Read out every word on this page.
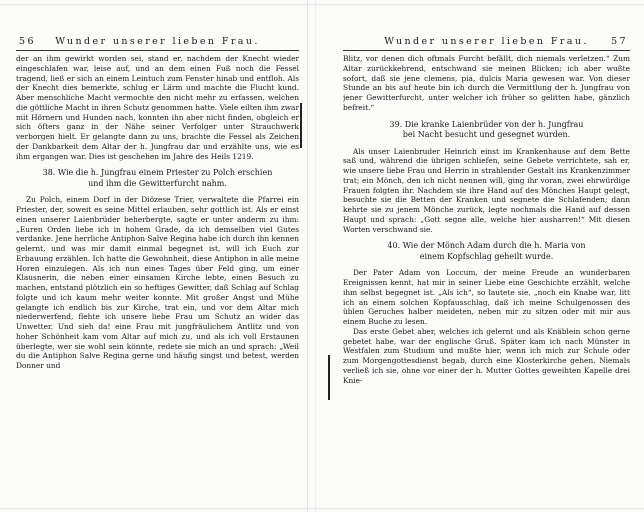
56	Wunder unserer lieben Frau.

der an ihm gewirkt worden sei, stand er, nachdem der Knecht wieder eingeschlafen war, leise auf, und an dem einen Fuß noch die Fessel tragend, ließ er sich an einem Leintuch zum Fenster hinab und entfloh. Als der Knecht dies bemerkte, schlug er Lärm und machte die Flucht kund. Aber menschliche Macht vermochte den nicht mehr zu erfassen, welchen die göttliche Macht in ihren Schutz genommen hatte. Viele eilten ihm zwar mit Hörnern und Hunden nach, konnten ihn aber nicht finden, obgleich er sich öfters ganz in der Nähe seiner Verfolger unter Strauchwerk verborgen hielt. Er gelangte dann zu uns, brachte die Fessel als Zeichen der Dankbarkeit dem Altar der h. Jungfrau dar und erzählte uns, wie es ihm ergangen war. Dies ist geschehen im Jahre des Heils 1219.

38. Wie die h. Jungfrau einem Priester zu Polch erschien
und ihm die Gewitterfurcht nahm.

Zu Polch, einem Dorf in der Diözese Trier, verwaltete die Pfarrei ein Priester, der, soweit es seine Mittel erlauben, sehr gottlich ist. Als er einst einen unserer Laienbrüder beherbergte, sagte er unter anderm zu ihm: „Euren Orden liebe ich in hohem Grade, da ich demselben viel Gutes verdanke. Jene herrliche Antiphon Salve Regina habe ich durch ihn kennen gelernt, und was mir damit einmal begegnet ist, will ich Euch zur Erbauung erzählen. Ich hatte die Gewohnheit, diese Antiphon in alle meine Horen einzulegen. Als ich nun eines Tages über Feld ging, um einer Klausnerin, die neben einer einsamen Kirche lebte, einen Besuch zu machen, entstand plötzlich ein so heftiges Gewitter, daß Schlag auf Schlag folgte und ich kaum mehr weiter konnte. Mit großer Angst und Mühe gelangte ich endlich bis zur Kirche, trat ein, und vor dem Altar mich niederwerfend, flehte ich unsere liebe Frau um Schutz an wider das Unwetter. Und sieh da! eine Frau mit jungfräulichem Antlitz und von hoher Schönheit kam vom Altar auf mich zu, und als ich voll Erstaunen überlegte, wer sie wohl sein könnte, redete sie mich an und sprach: „Weil du die Antiphon Salve Regina gerne und häufig singst und betest, werden Donner und

Wunder unserer lieben Frau.	57

Blitz, vor denen dich oftmals Furcht befällt, dich niemals verletzen.“ Zum Altar zurückkehrend, entschwand sie meinen Blicken; ich aber wußte sofort, daß sie jene clemens, pia, dulcis Maria gewesen war. Von dieser Stunde an bis auf heute bin ich durch die Vermittlung der h. Jungfrau von jener Gewitterfurcht, unter welcher ich früher so gelitten habe, gänzlich befreit.“

39. Die kranke Laienbrüder von der h. Jungfrau
bei Nacht besucht und gesegnet wurden.

Als unser Laienbruder Heinrich einst im Krankenhause auf dem Bette saß und, während die übrigen schliefen, seine Gebete verrichtete, sah er, wie unsere liebe Frau und Herrin in strahlender Gestalt ins Krankenzimmer trat; ein Mönch, den ich nicht nennen will, ging ihr voran, zwei ehrwürdige Frauen folgten ihr. Nachdem sie ihre Hand auf des Mönches Haupt gelegt, besuchte sie die Betten der Kranken und segnete die Schlafenden; dann kehrte sie zu jenem Mönche zurück, legte nochmals die Hand auf dessen Haupt und sprach: „Gott segne alle, welche hier ausharren!“ Mit diesen Worten verschwand sie.

40. Wie der Mönch Adam durch die h. Maria von
einem Kopfschlag geheilt wurde.

Der Pater Adam von Loccum, der meine Freude an wunderbaren Ereignissen kennt, hat mir in seiner Liebe eine Geschichte erzählt, welche ihm selbst begegnet ist. „Als ich“, so lautete sie, „noch ein Knabe war, litt ich an einem solchen Kopfausschlag, daß ich meine Schulgenossen des üblen Geruches halber meideten, neben mir zu sitzen oder mit mir aus einem Buche zu lesen.

Das erste Gebet aber, welches ich gelernt und als Knäblein schon gerne gebetet habe, war der englische Gruß. Später kam ich nach Münster in Westfalen zum Studium und mußte hier, wenn ich mich zur Schule oder zum Morgengottesdienst begab, durch eine Klosterkirche gehen. Niemals verließ ich sie, ohne vor einer der h. Mutter Gottes geweihten Kapelle drei Knie-
